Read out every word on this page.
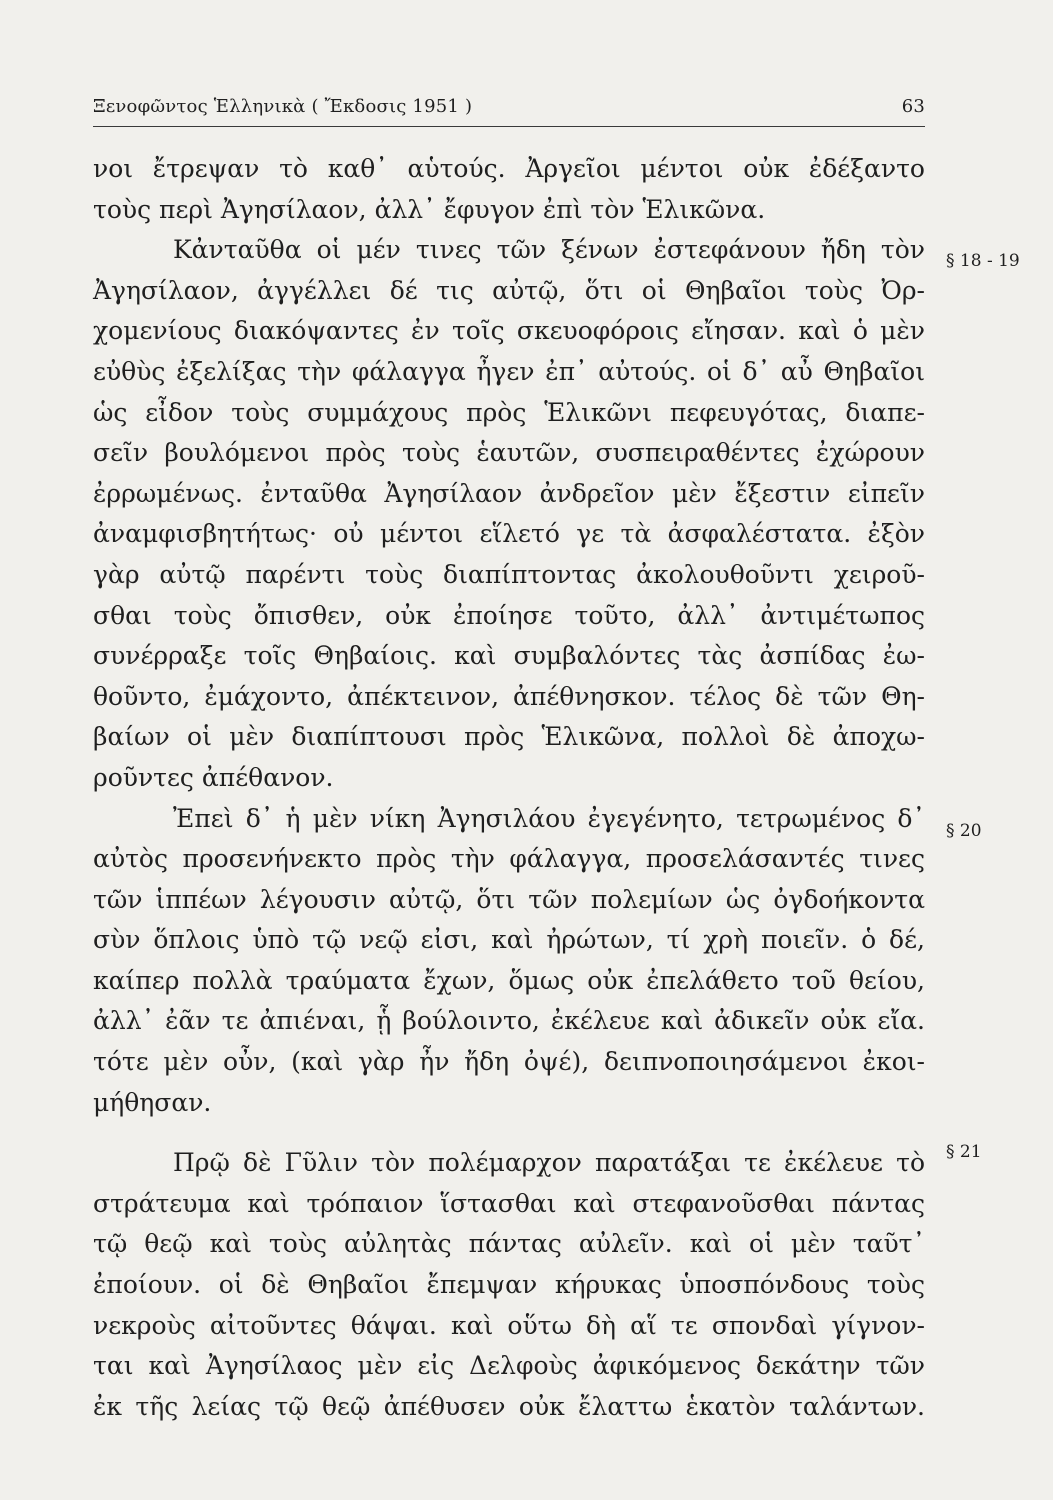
Ξενοφῶντος Ἑλληνικὰ ( Ἔκδοσις 1951 )	63
νοι ἔτρεψαν τὸ καθ᾽ αὑτούς. Ἀργεῖοι μέντοι οὐκ ἐδέξαντο
τοὺς περὶ Ἀγησίλαον, ἀλλ᾽ ἔφυγον ἐπὶ τὸν Ἑλικῶνα.
Κἀνταῦθα οἱ μέν τινες τῶν ξένων ἐστεφάνουν ἤδη τὸν
Ἀγησίλαον, ἀγγέλλει δέ τις αὐτῷ, ὅτι οἱ Θηβαῖοι τοὺς Ὀρ-
χομενίους διακόψαντες ἐν τοῖς σκευοφόροις εἴησαν. καὶ ὁ μὲν
εὐθὺς ἐξελίξας τὴν φάλαγγα ἦγεν ἐπ᾽ αὐτούς. οἱ δ᾽ αὖ Θηβαῖοι
ὡς εἶδον τοὺς συμμάχους πρὸς Ἑλικῶνι πεφευγότας, διαπε-
σεῖν βουλόμενοι πρὸς τοὺς ἑαυτῶν, συσπειραθέντες ἐχώρουν
ἐρρωμένως. ἐνταῦθα Ἀγησίλαον ἀνδρεῖον μὲν ἔξεστιν εἰπεῖν
ἀναμφισβητήτως· οὐ μέντοι εἵλετό γε τὰ ἀσφαλέστατα. ἐξὸν
γὰρ αὐτῷ παρέντι τοὺς διαπίπτοντας ἀκολουθοῦντι χειροῦ-
σθαι τοὺς ὄπισθεν, οὐκ ἐποίησε τοῦτο, ἀλλ᾽ ἀντιμέτωπος
συνέρραξε τοῖς Θηβαίοις. καὶ συμβαλόντες τὰς ἀσπίδας ἐω-
θοῦντο, ἐμάχοντο, ἀπέκτεινον, ἀπέθνησκον. τέλος δὲ τῶν Θη-
βαίων οἱ μὲν διαπίπτουσι πρὸς Ἑλικῶνα, πολλοὶ δὲ ἀποχω-
ροῦντες ἀπέθανον.
Ἐπεὶ δ᾽ ἡ μὲν νίκη Ἀγησιλάου ἐγεγένητο, τετρωμένος δ᾽
αὐτὸς προσενήνεκτο πρὸς τὴν φάλαγγα, προσελάσαντές τινες
τῶν ἱππέων λέγουσιν αὐτῷ, ὅτι τῶν πολεμίων ὡς ὀγδοήκοντα
σὺν ὅπλοις ὑπὸ τῷ νεῷ εἰσι, καὶ ἠρώτων, τί χρὴ ποιεῖν. ὁ δέ,
καίπερ πολλὰ τραύματα ἔχων, ὅμως οὐκ ἐπελάθετο τοῦ θείου,
ἀλλ᾽ ἐᾶν τε ἀπιέναι, ᾗ βούλοιντο, ἐκέλευε καὶ ἀδικεῖν οὐκ εἴα.
τότε μὲν οὖν, (καὶ γὰρ ἦν ἤδη ὀψέ), δειπνοποιησάμενοι ἐκοι-
μήθησαν.
Πρῷ δὲ Γῦλιν τὸν πολέμαρχον παρατάξαι τε ἐκέλευε τὸ
στράτευμα καὶ τρόπαιον ἵστασθαι καὶ στεφανοῦσθαι πάντας
τῷ θεῷ καὶ τοὺς αὐλητὰς πάντας αὐλεῖν. καὶ οἱ μὲν ταῦτ᾽
ἐποίουν. οἱ δὲ Θηβαῖοι ἔπεμψαν κήρυκας ὑποσπόνδους τοὺς
νεκροὺς αἰτοῦντες θάψαι. καὶ οὕτω δὴ αἵ τε σπονδαὶ γίγνον-
ται καὶ Ἀγησίλαος μὲν εἰς Δελφοὺς ἀφικόμενος δεκάτην τῶν
ἐκ τῆς λείας τῷ θεῷ ἀπέθυσεν οὐκ ἔλαττω ἑκατὸν ταλάντων.
§ 18 - 19
§ 20
§ 21
